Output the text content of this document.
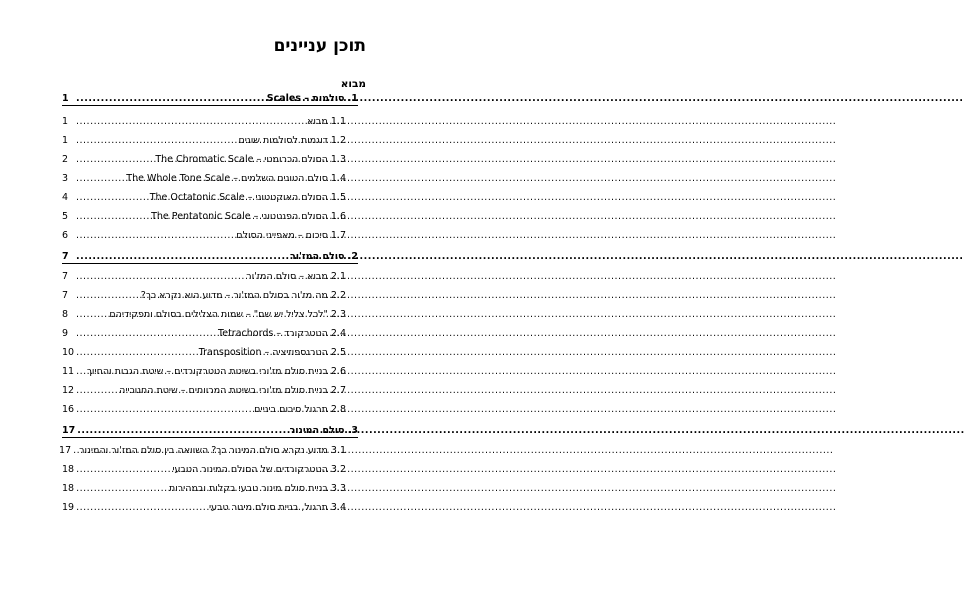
תוכן עניינים
מבוא
1. סולמות – Scales
.....
1
1.1 מבוא
.....
1
1.2 דוגמות לסולמות שונים
.....
1
1.3 הסולם הכרומטי – The Chromatic Scale
.....
2
1.4 סולם הטונים השלמים – The Whole Tone Scale
.....
3
1.5 הסולם האוקטטוני – The Octatonic Scale
.....
4
1.6 הסולם הפנטטוני – The Pentatonic Scale
.....
5
1.7 סיכום – מאפייני הסולם
.....
6
2. סולם המז'ור
.....
7
2.1 מבוא – סולם המז'ור
.....
7
2.2 מה מז'ור בסולם המז'ור – מדוע הוא נקרא כך?
.....
7
2.3 "לכל צליל יש שם" – שמות הצלילים בסולם ותפקידיהם
.....
8
2.4 הטטרקורד – Tetrachords
.....
9
2.5 הטרנספוזיציה – Transposition
.....
10
2.6 בניית סולם מז'ורי בשיטת הטטרקורדים – שיטת הגבות והחיוך
.....
11
2.7 בניית סולם מז'ורי בשיטת המרווחים – שיטת החנוכייה
.....
12
2.8 תרגול סיכום ביניים
.....
16
3. סולם המינור
.....
17
3.1 מדוע נקרא סולם המינור כך? השוואה בין סולם המז'ור והמינור
.....
17
3.2 הטטרקורדים של הסולם המינור הטבעי
.....
18
3.3 בניית סולם מינור טבעי בקלות ובמהירות
.....
18
3.4 תרגול, בניית סולם מינור טבעי
.....
19
